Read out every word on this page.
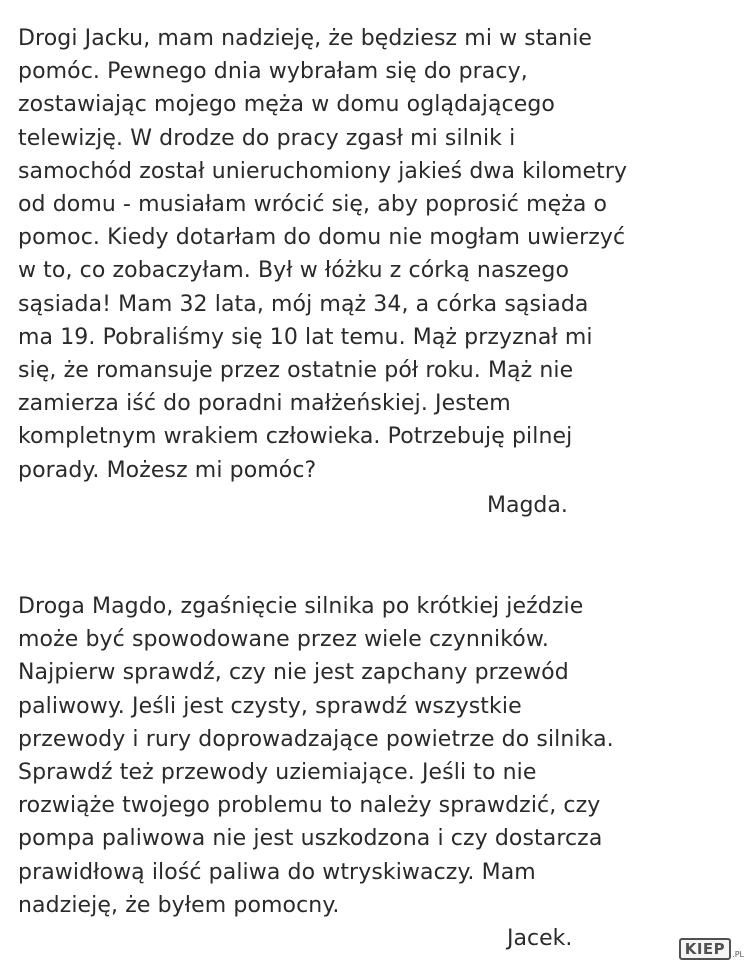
Drogi Jacku, mam nadzieję, że będziesz mi w stanie
pomóc. Pewnego dnia wybrałam się do pracy,
zostawiając mojego męża w domu oglądającego
telewizję. W drodze do pracy zgasł mi silnik i
samochód został unieruchomiony jakieś dwa kilometry
od domu - musiałam wrócić się, aby poprosić męża o
pomoc. Kiedy dotarłam do domu nie mogłam uwierzyć
w to, co zobaczyłam. Był w łóżku z córką naszego
sąsiada! Mam 32 lata, mój mąż 34, a córka sąsiada
ma 19. Pobraliśmy się 10 lat temu. Mąż przyznał mi
się, że romansuje przez ostatnie pół roku. Mąż nie
zamierza iść do poradni małżeńskiej. Jestem
kompletnym wrakiem człowieka. Potrzebuję pilnej
porady. Możesz mi pomóc?
Magda.
Droga Magdo, zgaśnięcie silnika po krótkiej jeździe
może być spowodowane przez wiele czynników.
Najpierw sprawdź, czy nie jest zapchany przewód
paliwowy. Jeśli jest czysty, sprawdź wszystkie
przewody i rury doprowadzające powietrze do silnika.
Sprawdź też przewody uziemiające. Jeśli to nie
rozwiąże twojego problemu to należy sprawdzić, czy
pompa paliwowa nie jest uszkodzona i czy dostarcza
prawidłową ilość paliwa do wtryskiwaczy. Mam
nadzieję, że byłem pomocny.
Jacek.	KIEP .PL
